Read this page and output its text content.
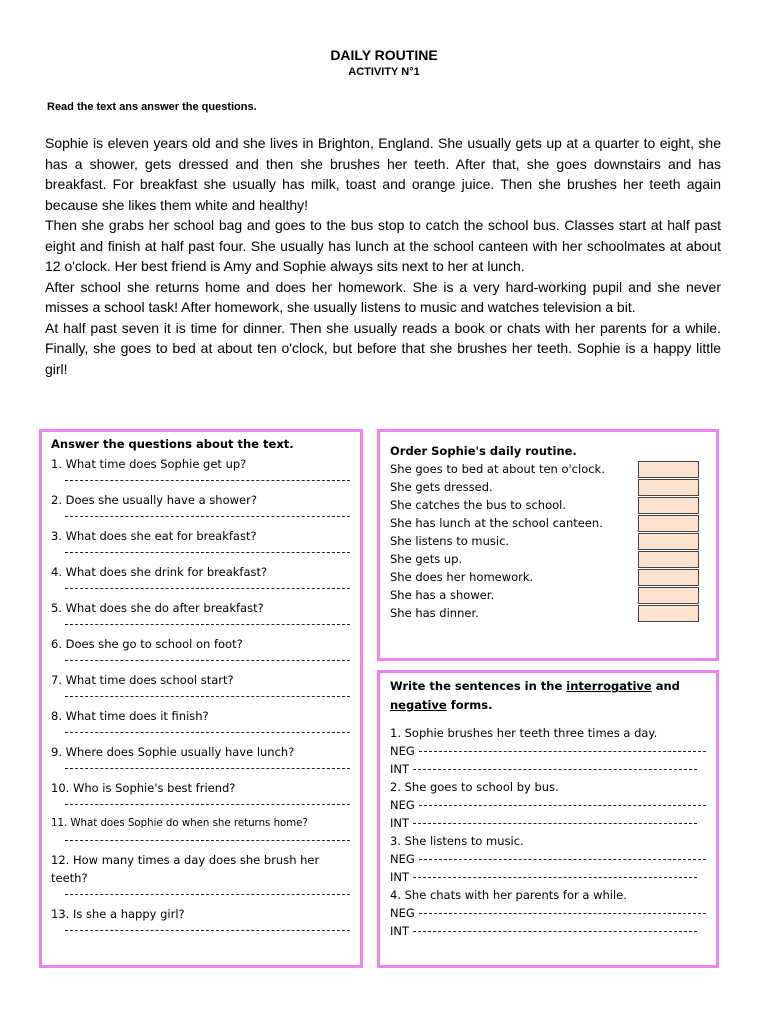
DAILY ROUTINE
ACTIVITY N°1
Read the text ans answer the questions.

Sophie is eleven years old and she lives in Brighton, England. She usually gets up at a quarter to eight, she has a shower, gets dressed and then she brushes her teeth. After that, she goes downstairs and has breakfast. For breakfast she usually has milk, toast and orange juice. Then she brushes her teeth again because she likes them white and healthy!

Then she grabs her school bag and goes to the bus stop to catch the school bus. Classes start at half past eight and finish at half past four. She usually has lunch at the school canteen with her schoolmates at about 12 o'clock. Her best friend is Amy and Sophie always sits next to her at lunch.

After school she returns home and does her homework. She is a very hard-working pupil and she never misses a school task! After homework, she usually listens to music and watches television a bit.

At half past seven it is time for dinner. Then she usually reads a book or chats with her parents for a while. Finally, she goes to bed at about ten o'clock, but before that she brushes her teeth. Sophie is a happy little girl!

Answer the questions about the text.
1. What time does Sophie get up?
2. Does she usually have a shower?
3. What does she eat for breakfast?
4. What does she drink for breakfast?
5. What does she do after breakfast?
6. Does she go to school on foot?
7. What time does school start?
8. What time does it finish?
9. Where does Sophie usually have lunch?
10. Who is Sophie's best friend?
11. What does Sophie do when she returns home?
12. How many times a day does she brush her teeth?
13. Is she a happy girl?
Order Sophie's daily routine.
She goes to bed at about ten o'clock.
She gets dressed.
She catches the bus to school.
She has lunch at the school canteen.
She listens to music.
She gets up.
She does her homework.
She has a shower.
She has dinner.
Write the sentences in the interrogative and
negative forms.
1. Sophie brushes her teeth three times a day.
NEG
INT
2. She goes to school by bus.
NEG
INT
3. She listens to music.
NEG
INT
4. She chats with her parents for a while.
NEG
INT
